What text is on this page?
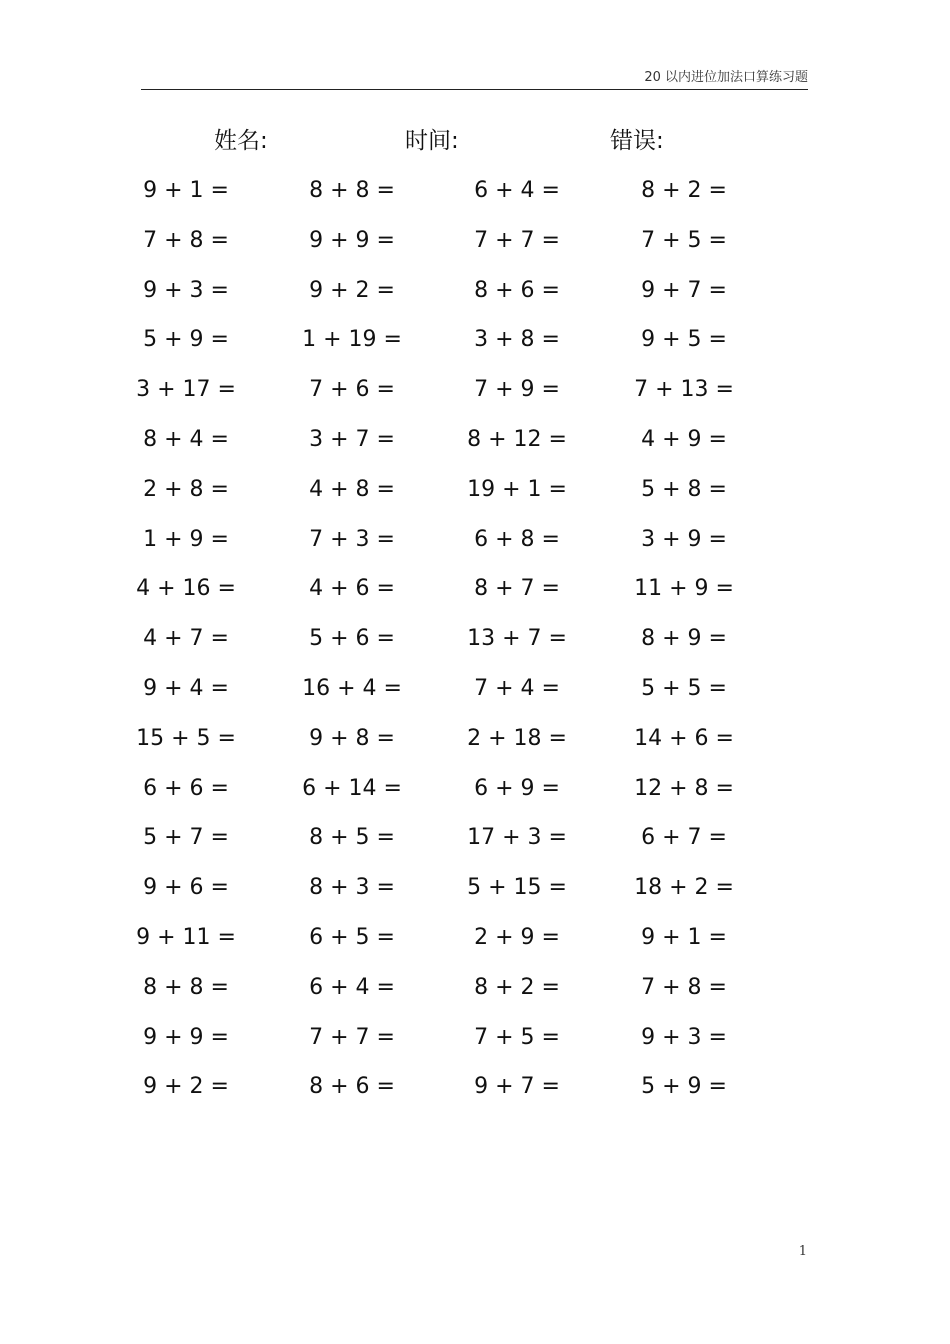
20 以内进位加法口算练习题
姓名:	时间:	错误:
9 + 1 =	8 + 8 =	6 + 4 =	8 + 2 =
7 + 8 =	9 + 9 =	7 + 7 =	7 + 5 =
9 + 3 =	9 + 2 =	8 + 6 =	9 + 7 =
5 + 9 =	1 + 19 =	3 + 8 =	9 + 5 =
3 + 17 =	7 + 6 =	7 + 9 =	7 + 13 =
8 + 4 =	3 + 7 =	8 + 12 =	4 + 9 =
2 + 8 =	4 + 8 =	19 + 1 =	5 + 8 =
1 + 9 =	7 + 3 =	6 + 8 =	3 + 9 =
4 + 16 =	4 + 6 =	8 + 7 =	11 + 9 =
4 + 7 =	5 + 6 =	13 + 7 =	8 + 9 =
9 + 4 =	16 + 4 =	7 + 4 =	5 + 5 =
15 + 5 =	9 + 8 =	2 + 18 =	14 + 6 =
6 + 6 =	6 + 14 =	6 + 9 =	12 + 8 =
5 + 7 =	8 + 5 =	17 + 3 =	6 + 7 =
9 + 6 =	8 + 3 =	5 + 15 =	18 + 2 =
9 + 11 =	6 + 5 =	2 + 9 =	9 + 1 =
8 + 8 =	6 + 4 =	8 + 2 =	7 + 8 =
9 + 9 =	7 + 7 =	7 + 5 =	9 + 3 =
9 + 2 =	8 + 6 =	9 + 7 =	5 + 9 =
1
